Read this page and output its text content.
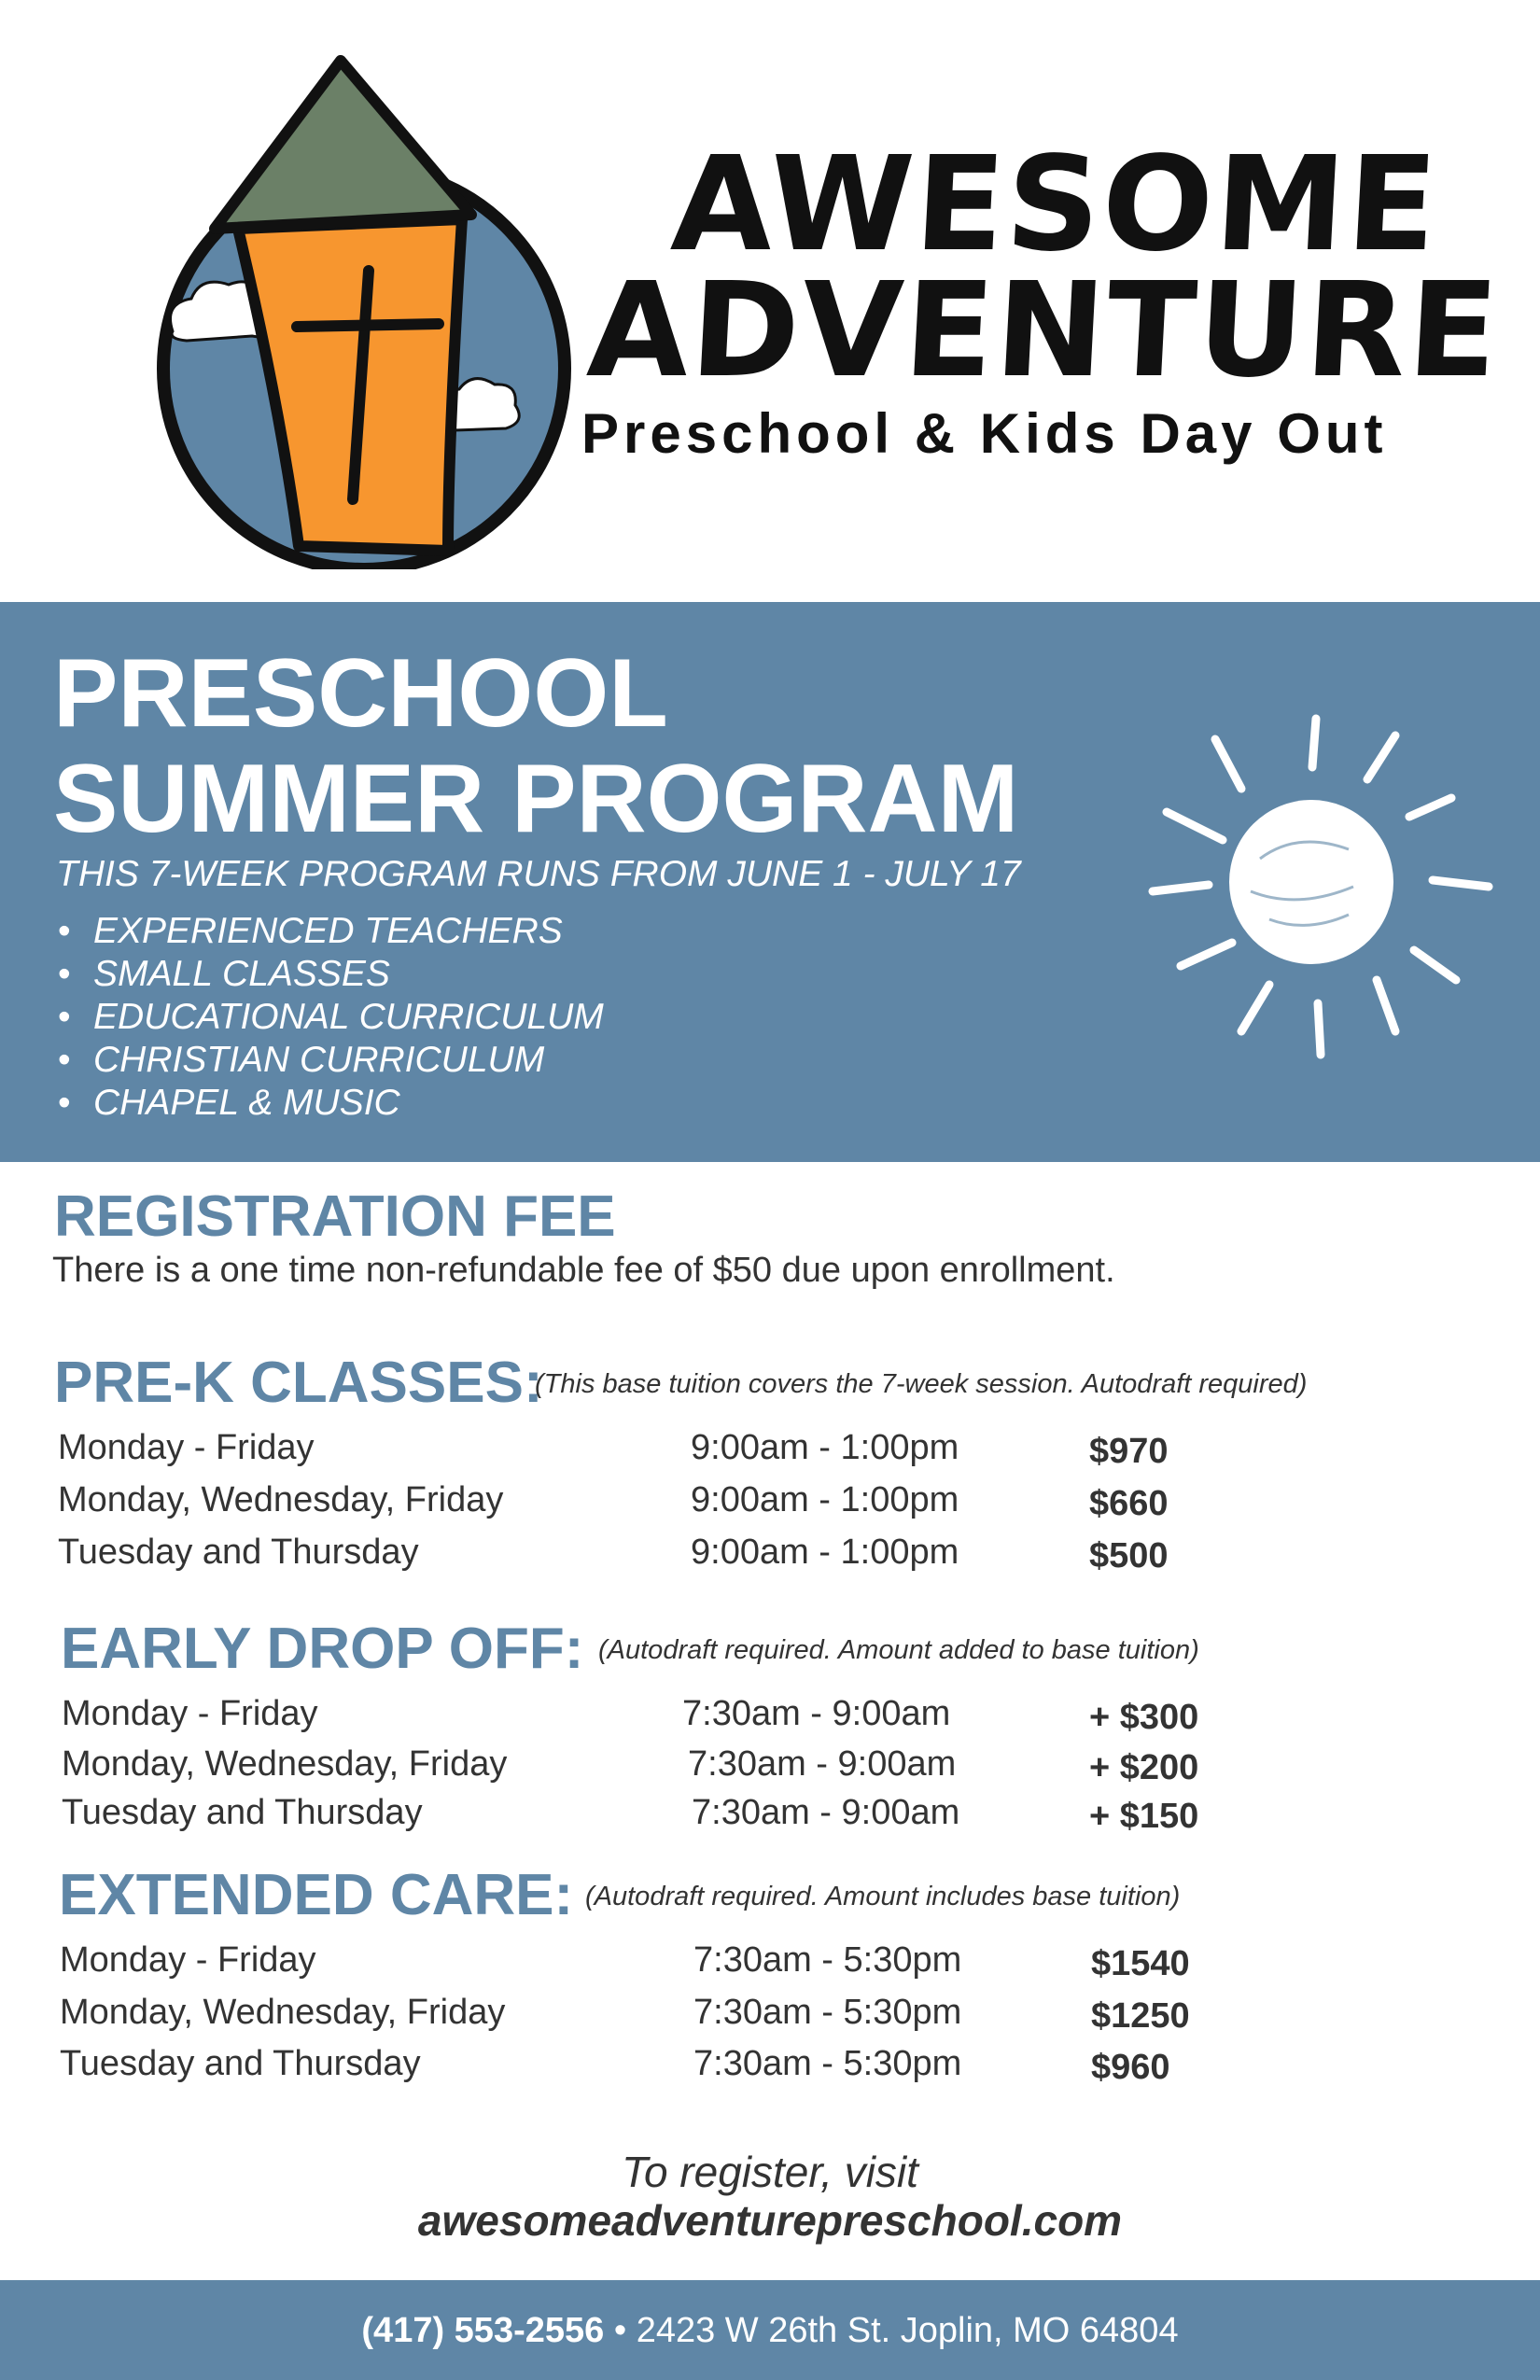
AWESOME
ADVENTURE
Preschool & Kids Day Out
PRESCHOOL
SUMMER PROGRAM
THIS 7-WEEK PROGRAM RUNS FROM JUNE 1 - JULY 17
• EXPERIENCED TEACHERS
• SMALL CLASSES
• EDUCATIONAL CURRICULUM
• CHRISTIAN CURRICULUM
• CHAPEL & MUSIC
REGISTRATION FEE

There is a one time non-refundable fee of $50 due upon enrollment.

PRE-K CLASSES:
(This base tuition covers the 7-week session. Autodraft required)
Monday - Friday	9:00am - 1:00pm	$970
Monday, Wednesday, Friday	9:00am - 1:00pm	$660
Tuesday and Thursday	9:00am - 1:00pm	$500
EARLY DROP OFF: (Autodraft required. Amount added to base tuition)
Monday - Friday	7:30am - 9:00am	+ $300
Monday, Wednesday, Friday	7:30am - 9:00am	+ $200
Tuesday and Thursday	7:30am - 9:00am	+ $150
EXTENDED CARE: (Autodraft required. Amount includes base tuition)
Monday - Friday	7:30am - 5:30pm	$1540
Monday, Wednesday, Friday	7:30am - 5:30pm	$1250
Tuesday and Thursday	7:30am - 5:30pm	$960
To register, visit
awesomeadventurepreschool.com
(417) 553-2556 • 2423 W 26th St. Joplin, MO 64804
